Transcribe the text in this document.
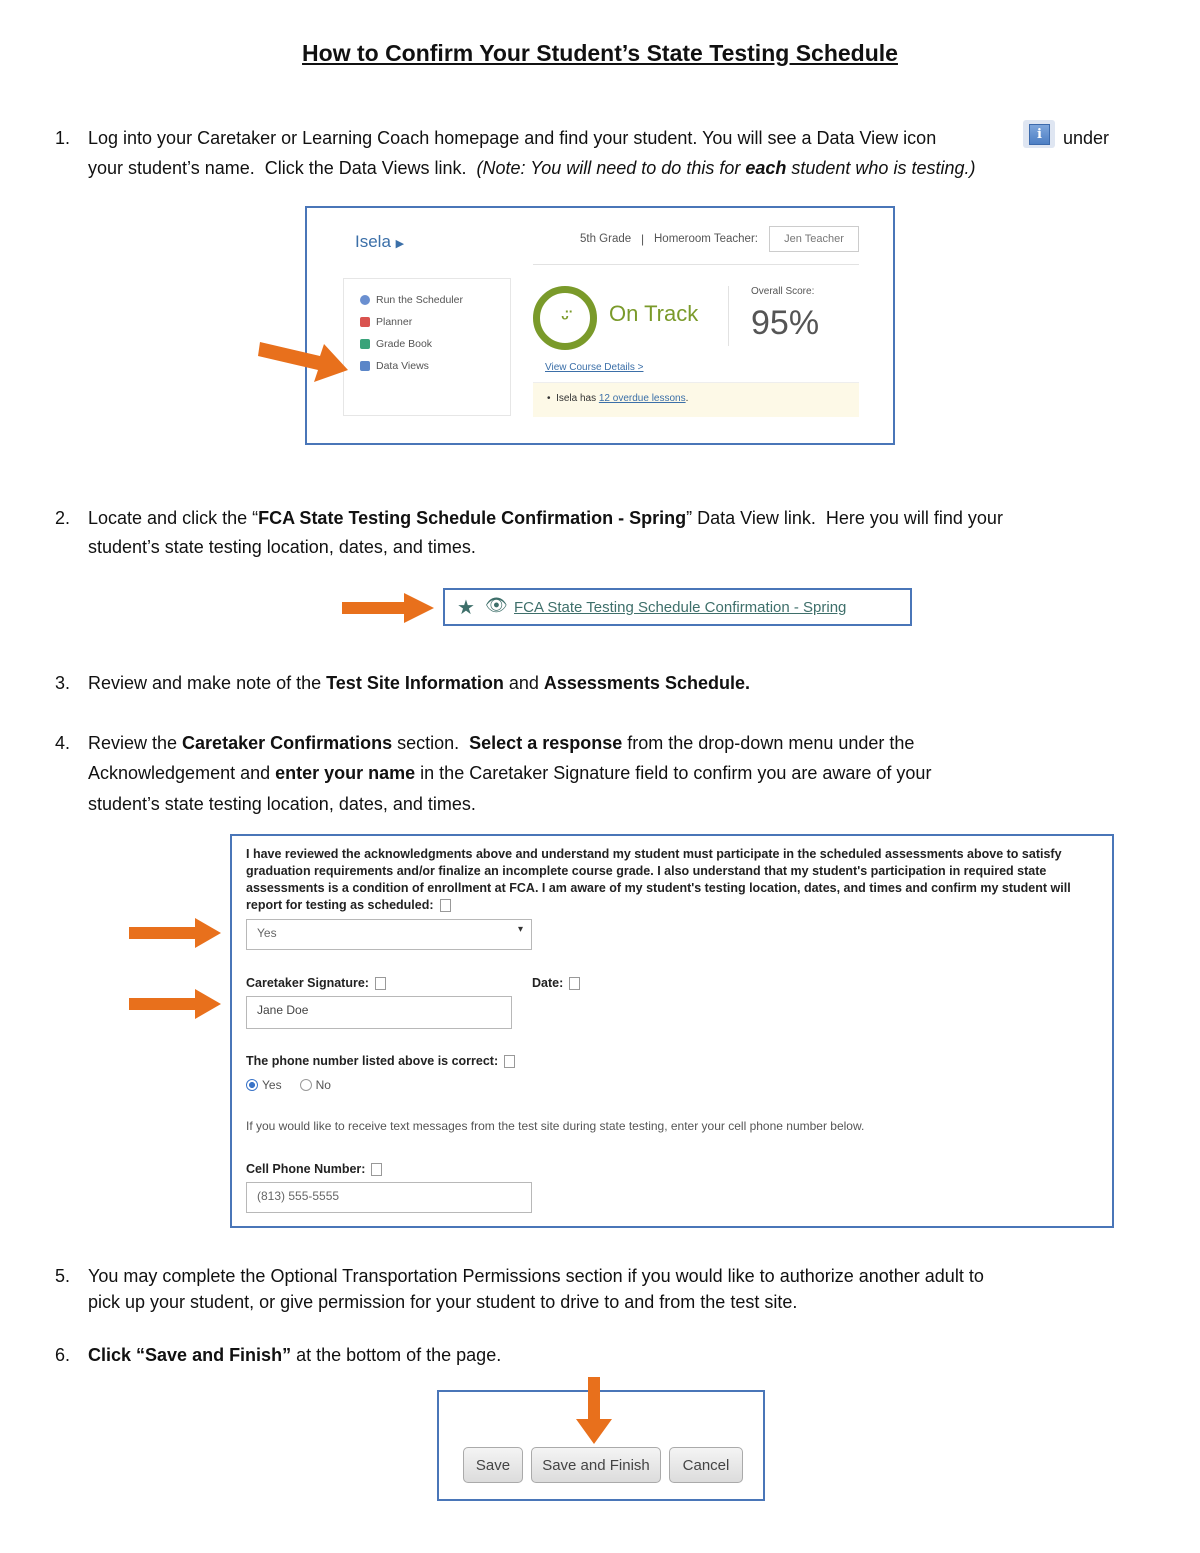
How to Confirm Your Student’s State Testing Schedule
1. Log into your Caretaker or Learning Coach homepage and find your student. You will see a Data View icon	i	under
your student’s name.  Click the Data Views link.  (Note: You will need to do this for each student who is testing.)
Isela ▶	5th Grade | Homeroom Teacher:	Jen Teacher
Run the Scheduler
Planner
Grade Book
Data Views
ᵕ̈	On Track
Overall Score:
95%
View Course Details >
•  Isela has 12 overdue lessons.
2. Locate and click the “FCA State Testing Schedule Confirmation - Spring” Data View link.  Here you will find your
student’s state testing location, dates, and times.
★ 👁 FCA State Testing Schedule Confirmation - Spring
3. Review and make note of the Test Site Information and Assessments Schedule.
4. Review the Caretaker Confirmations section.  Select a response from the drop-down menu under the
Acknowledgement and enter your name in the Caretaker Signature field to confirm you are aware of your
student’s state testing location, dates, and times.
I have reviewed the acknowledgments above and understand my student must participate in the scheduled assessments above to satisfy graduation requirements and/or finalize an incomplete course grade. I also understand that my student's participation in required state assessments is a condition of enrollment at FCA. I am aware of my student's testing location, dates, and times and confirm my student will report for testing as scheduled:
Yes	▾
Caretaker Signature:	Date:
Jane Doe
The phone number listed above is correct:
Yes	No
If you would like to receive text messages from the test site during state testing, enter your cell phone number below.
Cell Phone Number:
(813) 555-5555
5. You may complete the Optional Transportation Permissions section if you would like to authorize another adult to
pick up your student, or give permission for your student to drive to and from the test site.
6. Click “Save and Finish” at the bottom of the page.
Save	Save and Finish	Cancel
